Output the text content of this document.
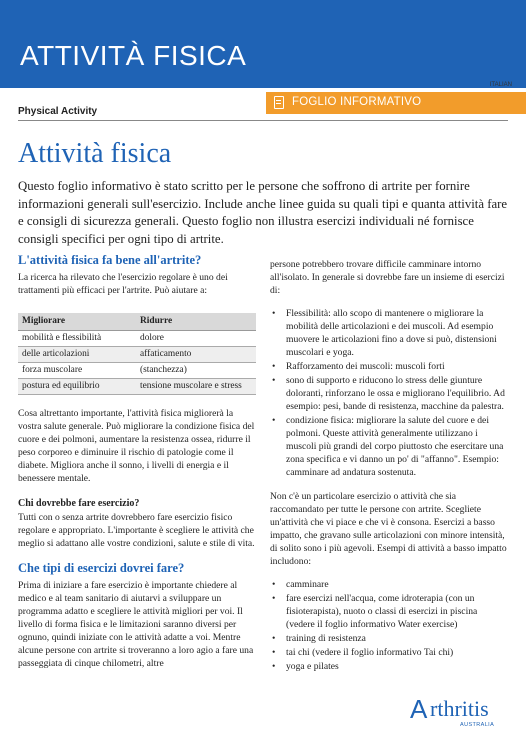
ATTIVITÀ FISICA
ITALIAN
FOGLIO INFORMATIVO
Physical Activity
Attività fisica

Questo foglio informativo è stato scritto per le persone che soffrono di artrite per fornire informazioni generali sull'esercizio. Include anche linee guida su quali tipi e quanta attività fare e consigli di sicurezza generali. Questo foglio non illustra esercizi individuali né fornisce consigli specifici per ogni tipo di artrite.

L'attività fisica fa bene all'artrite?

La ricerca ha rilevato che l'esercizio regolare è uno dei trattamenti più efficaci per l'artrite. Può aiutare a:

Migliorare	Ridurre
mobilità e flessibilità	dolore
delle articolazioni	affaticamento
forza muscolare	(stanchezza)
postura ed equilibrio	tensione muscolare e stress

Cosa altrettanto importante, l'attività fisica migliorerà la vostra salute generale. Può migliorare la condizione fisica del cuore e dei polmoni, aumentare la resistenza ossea, ridurre il peso corporeo e diminuire il rischio di patologie come il diabete. Migliora anche il sonno, i livelli di energia e il benessere mentale.

Chi dovrebbe fare esercizio?

Tutti con o senza artrite dovrebbero fare esercizio fisico regolare e appropriato. L'importante è scegliere le attività che meglio si adattano alle vostre condizioni, salute e stile di vita.

Che tipi di esercizi dovrei fare?

Prima di iniziare a fare esercizio è importante chiedere al medico e al team sanitario di aiutarvi a sviluppare un programma adatto e scegliere le attività migliori per voi. Il livello di forma fisica e le limitazioni saranno diversi per ognuno, quindi iniziate con le attività adatte a voi. Mentre alcune persone con artrite si troveranno a loro agio a fare una passeggiata di cinque chilometri, altre

persone potrebbero trovare difficile camminare intorno all'isolato. In generale si dovrebbe fare un insieme di esercizi di:

• Flessibilità: allo scopo di mantenere o migliorare la mobilità delle articolazioni e dei muscoli. Ad esempio muovere le articolazioni fino a dove si può, distensioni muscolari e yoga.
• Rafforzamento dei muscoli: muscoli forti
• sono di supporto e riducono lo stress delle giunture doloranti, rinforzano le ossa e migliorano l'equilibrio. Ad esempio: pesi, bande di resistenza, macchine da palestra.
• condizione fisica: migliorare la salute del cuore e dei polmoni. Queste attività generalmente utilizzano i muscoli più grandi del corpo piuttosto che esercitare una zona specifica e vi danno un po' di "affanno". Esempio: camminare ad andatura sostenuta.

Non c'è un particolare esercizio o attività che sia raccomandato per tutte le persone con artrite. Scegliete un'attività che vi piace e che vi è consona. Esercizi a basso impatto, che gravano sulle articolazioni con minore intensità, di solito sono i più agevoli. Esempi di attività a basso impatto includono:

• camminare
• fare esercizi nell'acqua, come idroterapia (con un fisioterapista), nuoto o classi di esercizi in piscina (vedere il foglio informativo Water exercise)
• training di resistenza
• tai chi (vedere il foglio informativo Tai chi)
• yoga e pilates
A rthritis
AUSTRALIA
